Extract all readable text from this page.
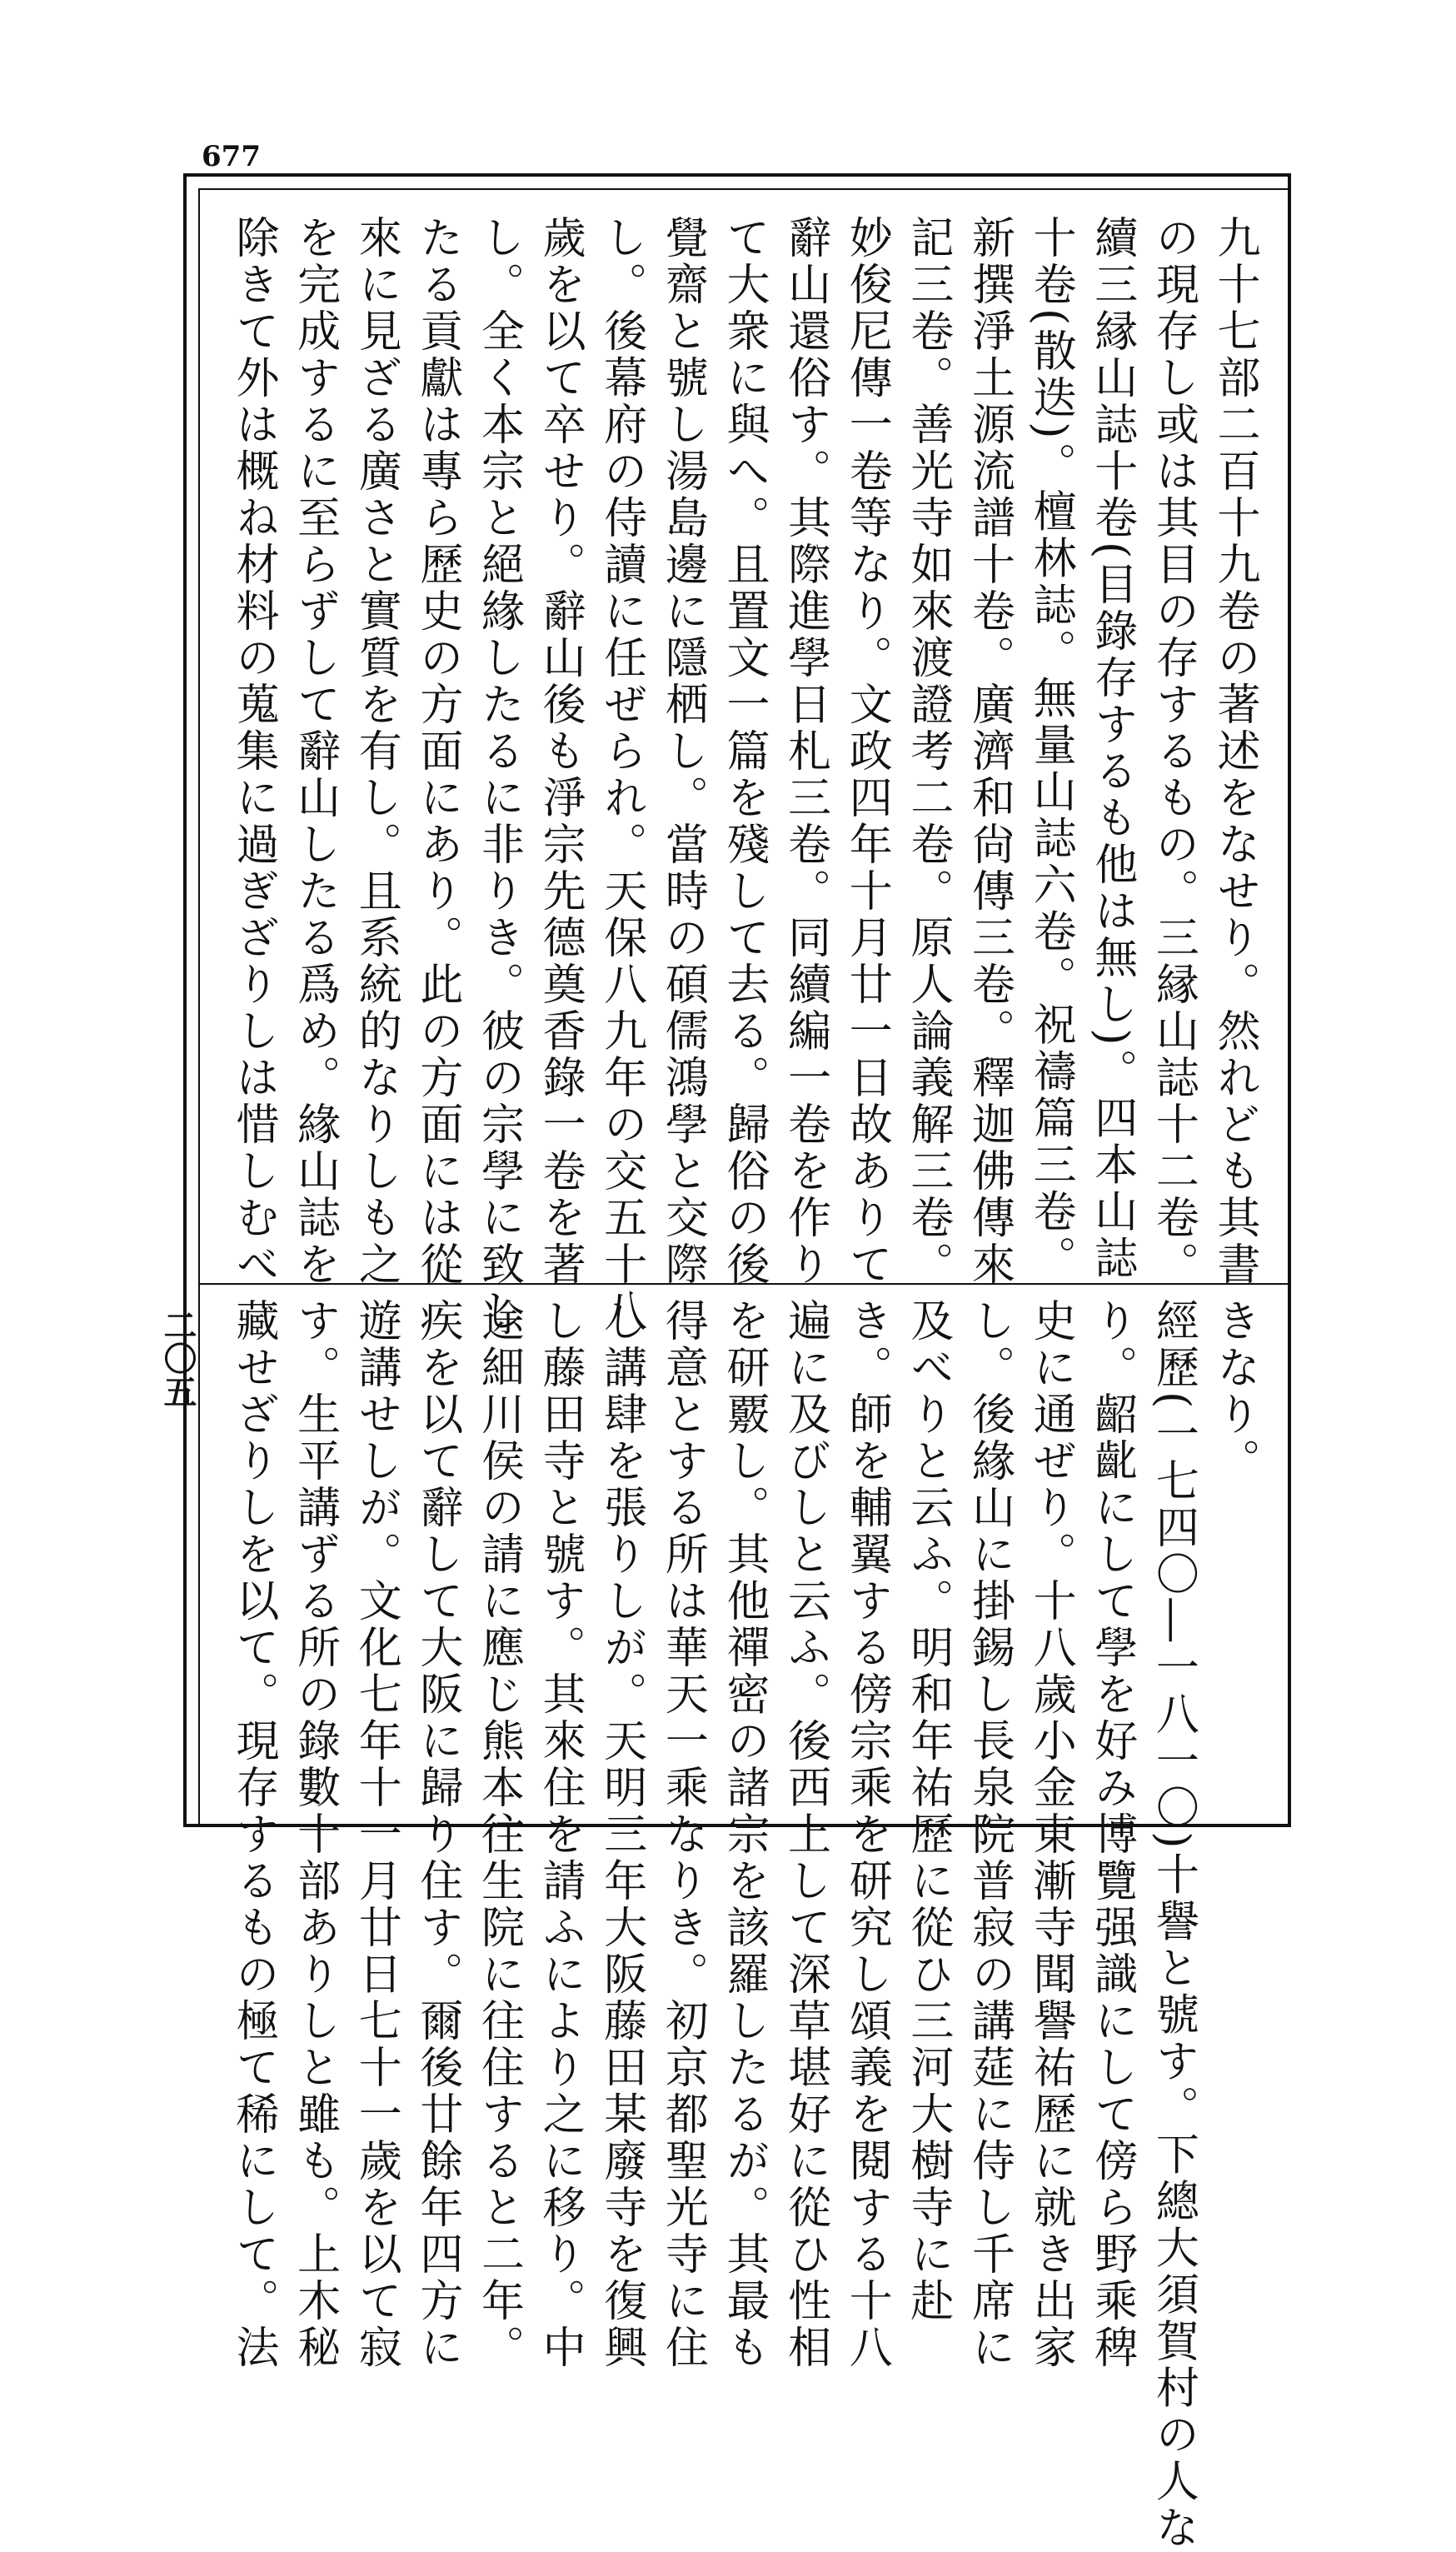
677
九十七部二百十九卷の著述をなせり。然れども其書
の現存し或は其目の存するもの。三縁山誌十二卷。
續三縁山誌十卷(目錄存するも他は無し)。四本山誌
十卷(散迭)。檀林誌。無量山誌六卷。祝禱篇三卷。
新撰淨土源流譜十卷。廣濟和尙傳三卷。釋迦佛傳來
記三卷。善光寺如來渡證考二卷。原人論義解三卷。
妙俊尼傳一卷等なり。文政四年十月廿一日故ありて
辭山還俗す。其際進學日札三卷。同續編一卷を作り
て大衆に與へ。且置文一篇を殘して去る。歸俗の後
覺齋と號し湯島邊に隱栖し。當時の碩儒鴻學と交際
し。後幕府の侍讀に任ぜられ。天保八九年の交五十八
歲を以て卒せり。辭山後も淨宗先德奠香錄一卷を著
し。全く本宗と絕緣したるに非りき。彼の宗學に致し
たる貢獻は專ら歷史の方面にあり。此の方面には從
來に見ざる廣さと實質を有し。且系統的なりしも之
を完成するに至らずして辭山したる爲め。緣山誌を
除きて外は概ね材料の蒐集に過ぎざりしは惜しむべ
きなり。
經歷(一七四〇―一八一〇)十譽と號す。下總大須賀村の人な
り。齠齔にして學を好み博覽强識にして傍ら野乘稗
史に通ぜり。十八歲小金東漸寺聞譽祐歷に就き出家
し。後緣山に掛錫し長泉院普寂の講莚に侍し千席に
及べりと云ふ。明和年祐歷に從ひ三河大樹寺に赴
き。師を輔翼する傍宗乘を研究し頌義を閱する十八
遍に及びしと云ふ。後西上して深草堪好に從ひ性相
を研覈し。其他禪密の諸宗を該羅したるが。其最も
得意とする所は華天一乘なりき。初京都聖光寺に住
し講肆を張りしが。天明三年大阪藤田某廢寺を復興
し藤田寺と號す。其來住を請ふにより之に移り。中
途細川侯の請に應じ熊本往生院に往住すると二年。
疾を以て辭して大阪に歸り住す。爾後廿餘年四方に
遊講せしが。文化七年十一月廿日七十一歲を以て寂
す。生平講ずる所の錄數十部ありしと雖も。上木秘
藏せざりしを以て。現存するもの極て稀にして。法
二〇五
